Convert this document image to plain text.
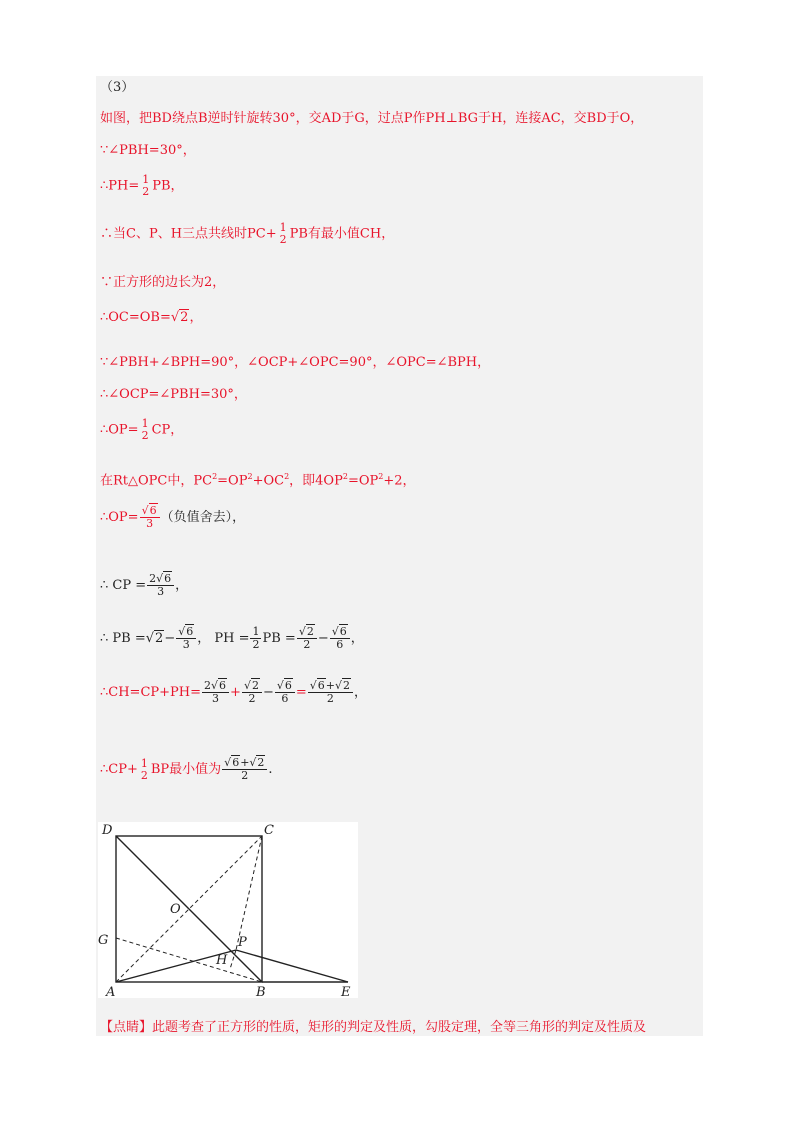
（3）
如图，把BD绕点B逆时针旋转30°，交AD于G，过点P作PH⊥BG于H，连接AC，交BD于O，
∵∠PBH=30°，
∴PH= 1
2 PB，
∴当C、P、H三点共线时PC+ 1
2 PB有最小值CH，
∵正方形的边长为2，
∴OC=OB=√2，
∵∠PBH+∠BPH=90°，∠OCP+∠OPC=90°，∠OPC=∠BPH，
∴∠OCP=∠PBH=30°，
∴OP= 1
2 CP，
在Rt△OPC中，$PC^2=OP^2+OC^2$，即$4OP^2=OP^2+2$，
∴OP= $\frac{√6}{3}$ （负值舍去），
∴ CP = $\frac{2√6}{3}$ ，
∴ PB $=√2- \frac{√6}{3}$ ， PH = $\frac{1}{2}$ PB = $\frac{√2}{2} - \frac{√6}{6}$ ，
∴CH=CP+PH= $\frac{2√6}{3} + \frac{√2}{2} - \frac{√6}{6} = \frac{√6+√2}{2}$ ，
∴CP+ 1
2 BP最小值为 $\frac{√6+√2}{2}$ .
D	C
G
O
P
H
A	B	E
【点睛】此题考查了正方形的性质，矩形的判定及性质，勾股定理，全等三角形的判定及性质及
